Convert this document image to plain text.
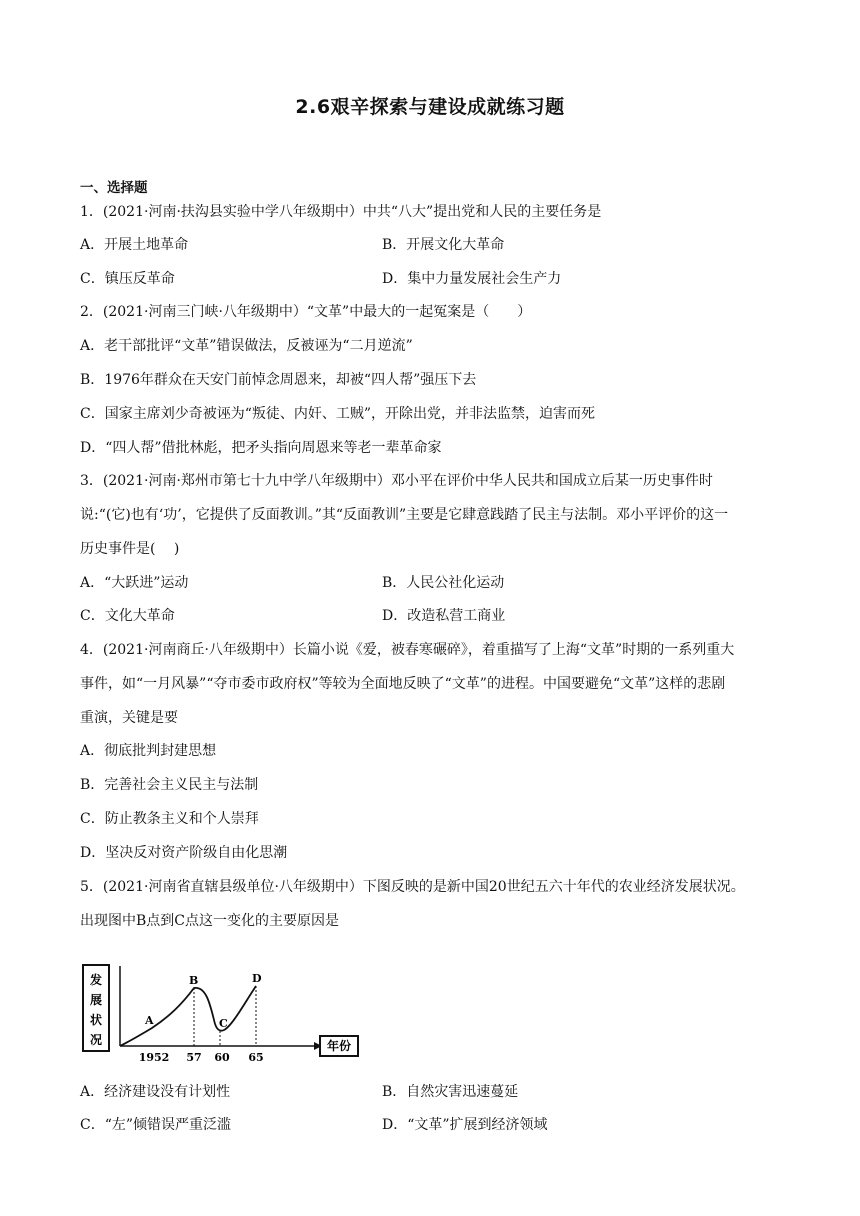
2.6艰辛探索与建设成就练习题
一、选择题
1．(2021·河南·扶沟县实验中学八年级期中）中共“八大”提出党和人民的主要任务是
A．开展土地革命	B．开展文化大革命
C．镇压反革命	D．集中力量发展社会生产力
2．(2021·河南三门峡·八年级期中）“文革”中最大的一起冤案是（　　）
A．老干部批评“文革”错误做法，反被诬为“二月逆流”
B．1976年群众在天安门前悼念周恩来，却被“四人帮”强压下去
C．国家主席刘少奇被诬为“叛徒、内奸、工贼”，开除出党，并非法监禁，迫害而死
D．“四人帮”借批林彪，把矛头指向周恩来等老一辈革命家
3．(2021·河南·郑州市第七十九中学八年级期中）邓小平在评价中华人民共和国成立后某一历史事件时
说:“(它)也有‘功’，它提供了反面教训。”其“反面教训”主要是它肆意践踏了民主与法制。邓小平评价的这一
历史事件是(　 )
A．“大跃进”运动	B．人民公社化运动
C．文化大革命	D．改造私营工商业
4．(2021·河南商丘·八年级期中）长篇小说《爱，被春寒碾碎》，着重描写了上海“文革”时期的一系列重大
事件，如“一月风暴”“夺市委市政府权”等较为全面地反映了“文革”的进程。中国要避免“文革”这样的悲剧
重演，关键是要
A．彻底批判封建思想
B．完善社会主义民主与法制
C．防止教条主义和个人崇拜
D．坚决反对资产阶级自由化思潮
5．(2021·河南省直辖县级单位·八年级期中）下图反映的是新中国20世纪五六十年代的农业经济发展状况。
出现图中B点到C点这一变化的主要原因是
发
展
状
况	年份
A
B
C
D
1952 57 60 65
A．经济建设没有计划性	B．自然灾害迅速蔓延
C．“左”倾错误严重泛滥	D．“文革”扩展到经济领域
